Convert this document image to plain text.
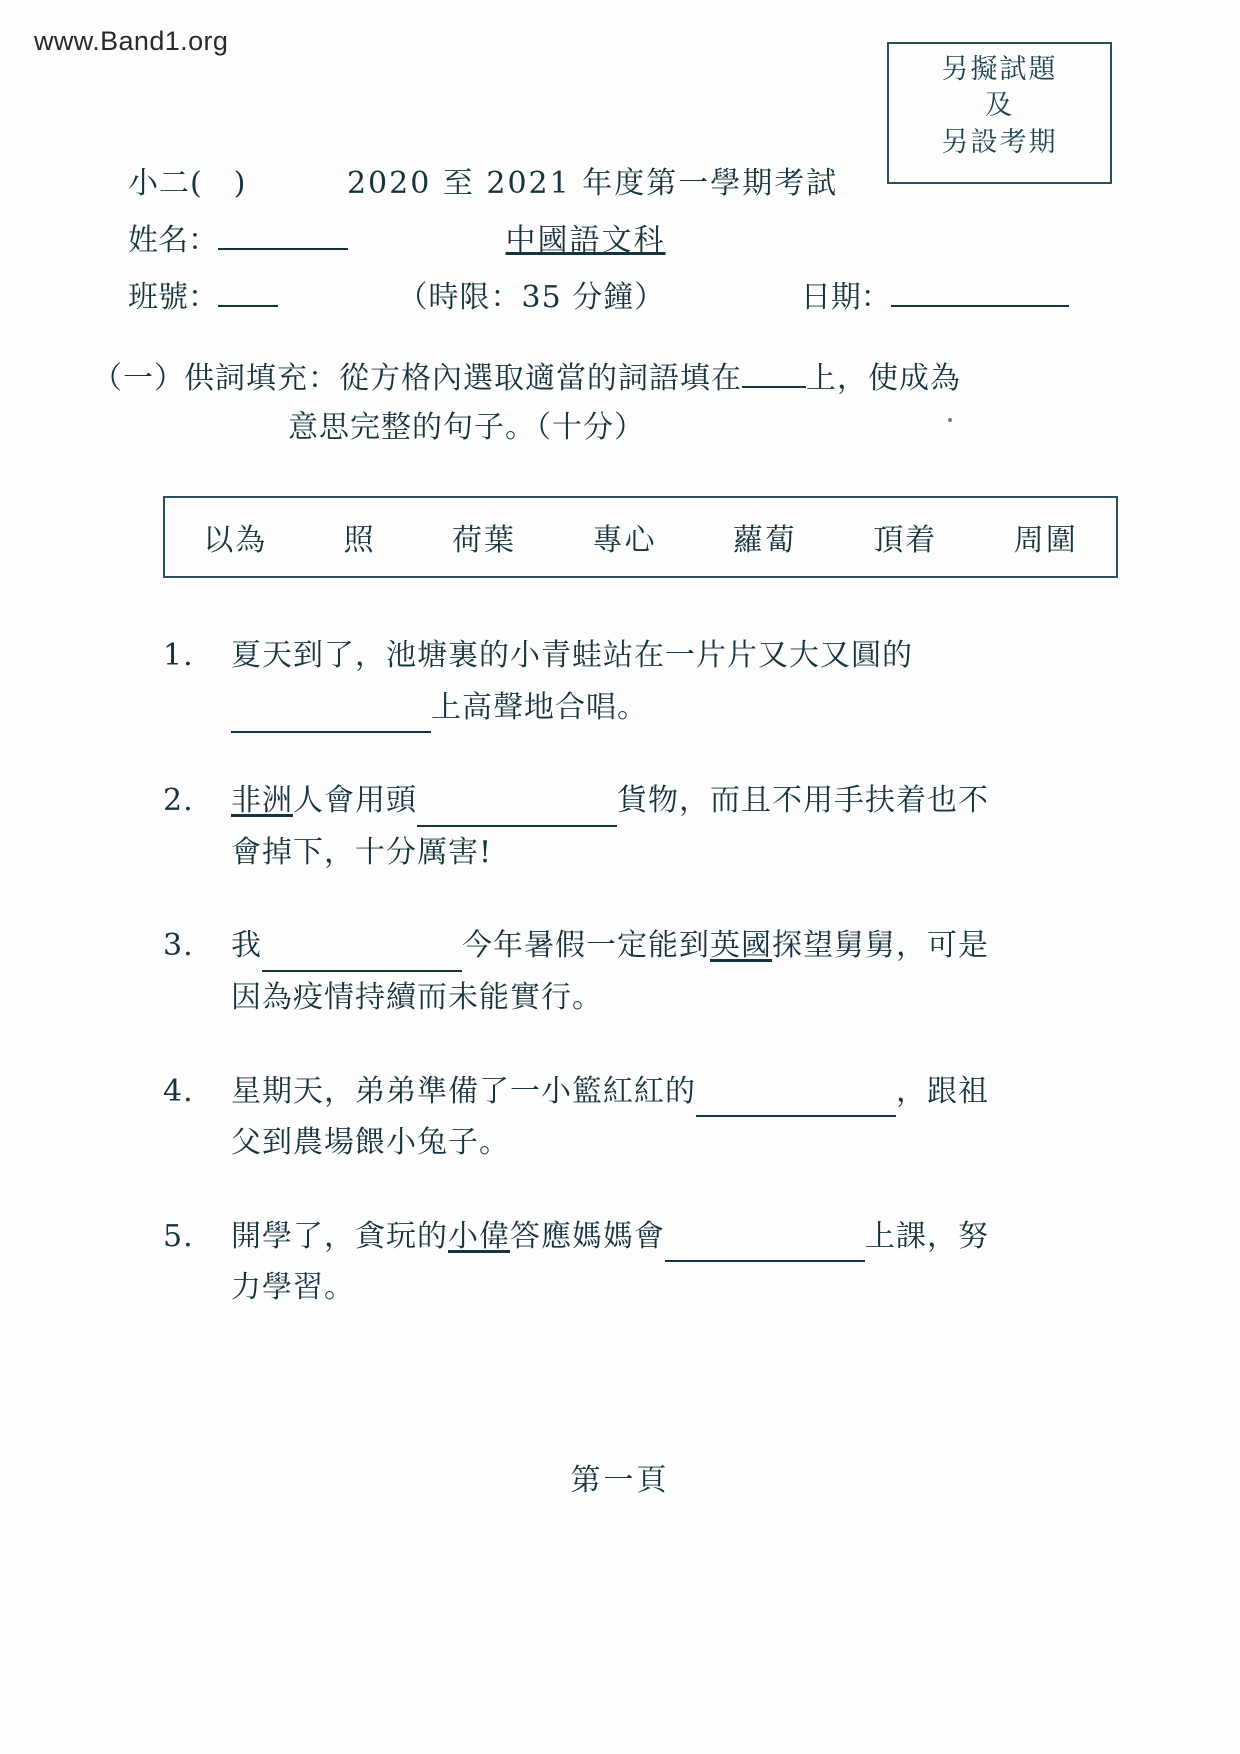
www.Band1.org
另擬試題
及
另設考期
小二(　)	2020 至 2021 年度第一學期考試
姓名：	中國語文科
班號：	（時限：35 分鐘）	日期：
（一）供詞填充：從方格內選取適當的詞語填在 上，使成為
意思完整的句子。（十分）
以為	照	荷葉	專心	蘿蔔	頂着	周圍
1.	夏天到了，池塘裏的小青蛙站在一片片又大又圓的
上高聲地合唱。
2.	非洲人會用頭	貨物，而且不用手扶着也不
會掉下，十分厲害!
3.	我	今年暑假一定能到英國探望舅舅，可是
因為疫情持續而未能實行。
4.	星期天，弟弟準備了一小籃紅紅的	，跟祖
父到農場餵小兔子。
5.	開學了，貪玩的小偉答應媽媽會	上課，努
力學習。
第一頁
